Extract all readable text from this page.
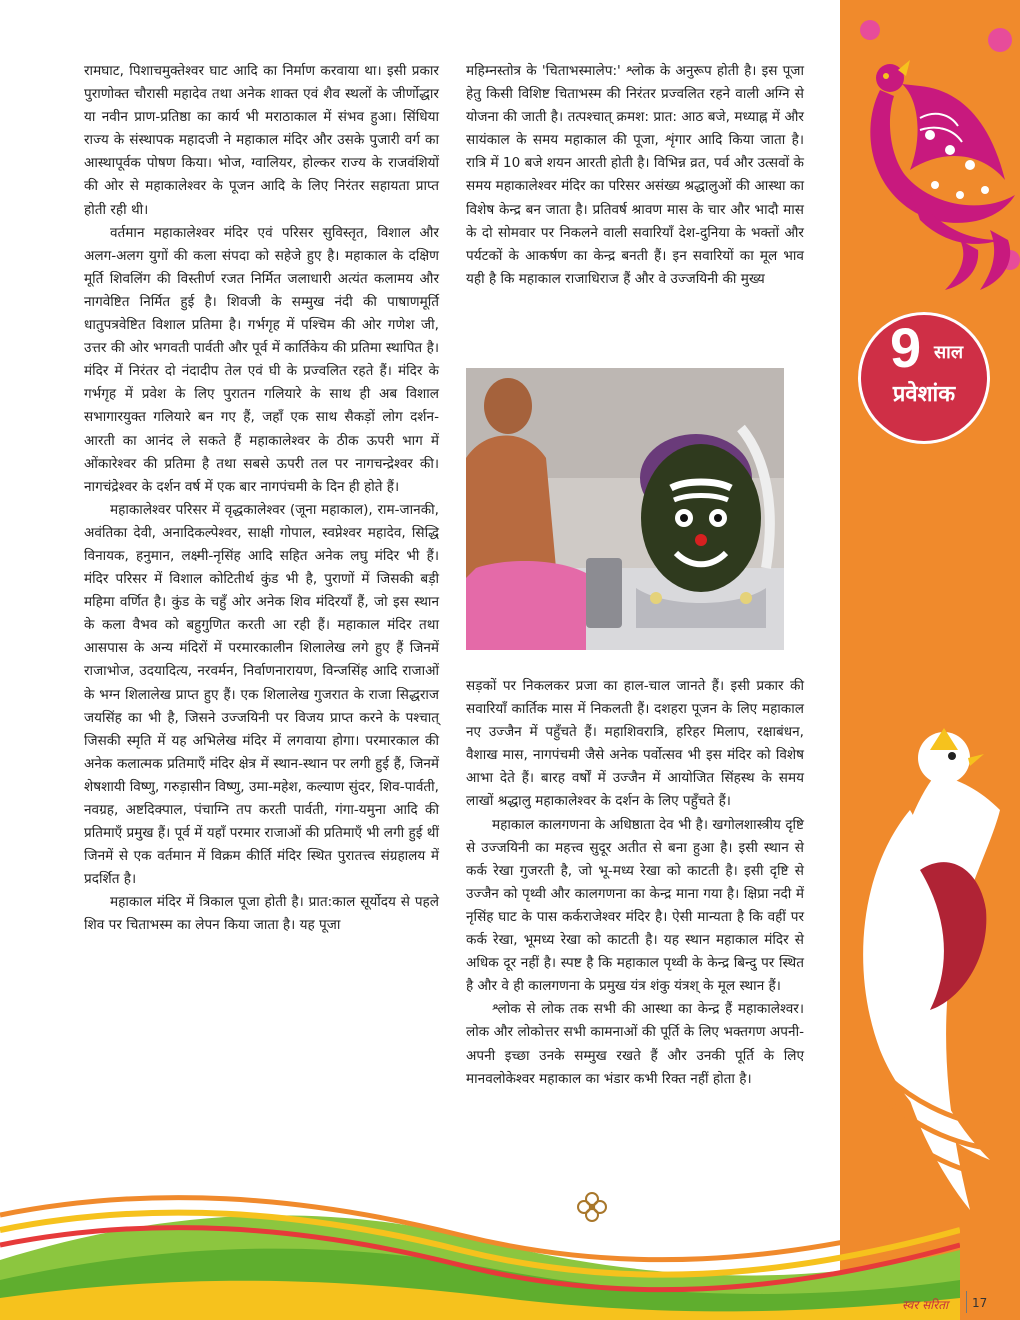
9 साल
प्रवेशांक

रामघाट, पिशाचमुक्तेश्वर घाट आदि का निर्माण करवाया था। इसी प्रकार पुराणोक्त चौरासी महादेव तथा अनेक शाक्त एवं शैव स्थलों के जीर्णोद्धार या नवीन प्राण-प्रतिष्ठा का कार्य भी मराठाकाल में संभव हुआ। सिंधिया राज्य के संस्थापक महादजी ने महाकाल मंदिर और उसके पुजारी वर्ग का आस्थापूर्वक पोषण किया। भोज, ग्वालियर, होल्कर राज्य के राजवंशियों की ओर से महाकालेश्वर के पूजन आदि के लिए निरंतर सहायता प्राप्त होती रही थी।

वर्तमान महाकालेश्वर मंदिर एवं परिसर सुविस्तृत, विशाल और अलग-अलग युगों की कला संपदा को सहेजे हुए है। महाकाल के दक्षिण मूर्ति शिवलिंग की विस्तीर्ण रजत निर्मित जलाधारी अत्यंत कलामय और नागवेष्टित निर्मित हुई है। शिवजी के सम्मुख नंदी की पाषाणमूर्ति धातुपत्रवेष्टित विशाल प्रतिमा है। गर्भगृह में पश्चिम की ओर गणेश जी, उत्तर की ओर भगवती पार्वती और पूर्व में कार्तिकेय की प्रतिमा स्थापित है। मंदिर में निरंतर दो नंदादीप तेल एवं घी के प्रज्वलित रहते हैं। मंदिर के गर्भगृह में प्रवेश के लिए पुरातन गलियारे के साथ ही अब विशाल सभागारयुक्त गलियारे बन गए हैं, जहाँ एक साथ सैकड़ों लोग दर्शन-आरती का आनंद ले सकते हैं महाकालेश्वर के ठीक ऊपरी भाग में ओंकारेश्वर की प्रतिमा है तथा सबसे ऊपरी तल पर नागचन्द्रेश्वर की। नागचंद्रेश्वर के दर्शन वर्ष में एक बार नागपंचमी के दिन ही होते हैं।

महाकालेश्वर परिसर में वृद्धकालेश्वर (जूना महाकाल), राम-जानकी, अवंतिका देवी, अनादिकल्पेश्वर, साक्षी गोपाल, स्वप्नेश्वर महादेव, सिद्धि विनायक, हनुमान, लक्ष्मी-नृसिंह आदि सहित अनेक लघु मंदिर भी हैं। मंदिर परिसर में विशाल कोटितीर्थ कुंड भी है, पुराणों में जिसकी बड़ी महिमा वर्णित है। कुंड के चहुँ ओर अनेक शिव मंदिरयाँ हैं, जो इस स्थान के कला वैभव को बहुगुणित करती आ रही हैं। महाकाल मंदिर तथा आसपास के अन्य मंदिरों में परमारकालीन शिलालेख लगे हुए हैं जिनमें राजाभोज, उदयादित्य, नरवर्मन, निर्वाणनारायण, विन्जसिंह आदि राजाओं के भग्न शिलालेख प्राप्त हुए हैं। एक शिलालेख गुजरात के राजा सिद्धराज जयसिंह का भी है, जिसने उज्जयिनी पर विजय प्राप्त करने के पश्चात् जिसकी स्मृति में यह अभिलेख मंदिर में लगवाया होगा। परमारकाल की अनेक कलात्मक प्रतिमाएँ मंदिर क्षेत्र में स्थान-स्थान पर लगी हुई हैं, जिनमें शेषशायी विष्णु, गरुड़ासीन विष्णु, उमा-महेश, कल्याण सुंदर, शिव-पार्वती, नवग्रह, अष्टदिक्पाल, पंचाग्नि तप करती पार्वती, गंगा-यमुना आदि की प्रतिमाएँ प्रमुख हैं। पूर्व में यहाँ परमार राजाओं की प्रतिमाएँ भी लगी हुई थीं जिनमें से एक वर्तमान में विक्रम कीर्ति मंदिर स्थित पुरातत्त्व संग्रहालय में प्रदर्शित है।

महाकाल मंदिर में त्रिकाल पूजा होती है। प्रात:काल सूर्योदय से पहले शिव पर चिताभस्म का लेपन किया जाता है। यह पूजा

महिम्नस्तोत्र के 'चिताभस्मालेप:' श्लोक के अनुरूप होती है। इस पूजा हेतु किसी विशिष्ट चिताभस्म की निरंतर प्रज्वलित रहने वाली अग्नि से योजना की जाती है। तत्पश्चात् क्रमश: प्रात: आठ बजे, मध्याह्न में और सायंकाल के समय महाकाल की पूजा, शृंगार आदि किया जाता है। रात्रि में 10 बजे शयन आरती होती है। विभिन्न व्रत, पर्व और उत्सवों के समय महाकालेश्वर मंदिर का परिसर असंख्य श्रद्धालुओं की आस्था का विशेष केन्द्र बन जाता है। प्रतिवर्ष श्रावण मास के चार और भादौ मास के दो सोमवार पर निकलने वाली सवारियाँ देश-दुनिया के भक्तों और पर्यटकों के आकर्षण का केन्द्र बनती हैं। इन सवारियों का मूल भाव यही है कि महाकाल राजाधिराज हैं और वे उज्जयिनी की मुख्य

सड़कों पर निकलकर प्रजा का हाल-चाल जानते हैं। इसी प्रकार की सवारियाँ कार्तिक मास में निकलती हैं। दशहरा पूजन के लिए महाकाल नए उज्जैन में पहुँचते हैं। महाशिवरात्रि, हरिहर मिलाप, रक्षाबंधन, वैशाख मास, नागपंचमी जैसे अनेक पर्वोत्सव भी इस मंदिर को विशेष आभा देते हैं। बारह वर्षों में उज्जैन में आयोजित सिंहस्थ के समय लाखों श्रद्धालु महाकालेश्वर के दर्शन के लिए पहुँचते हैं।

महाकाल कालगणना के अधिष्ठाता देव भी है। खगोलशास्त्रीय दृष्टि से उज्जयिनी का महत्त्व सुदूर अतीत से बना हुआ है। इसी स्थान से कर्क रेखा गुजरती है, जो भू-मध्य रेखा को काटती है। इसी दृष्टि से उज्जैन को पृथ्वी और कालगणना का केन्द्र माना गया है। क्षिप्रा नदी में नृसिंह घाट के पास कर्कराजेश्वर मंदिर है। ऐसी मान्यता है कि वहीं पर कर्क रेखा, भूमध्य रेखा को काटती है। यह स्थान महाकाल मंदिर से अधिक दूर नहीं है। स्पष्ट है कि महाकाल पृथ्वी के केन्द्र बिन्दु पर स्थित है और वे ही कालगणना के प्रमुख यंत्र शंकु यंत्रश् के मूल स्थान हैं।

श्लोक से लोक तक सभी की आस्था का केन्द्र हैं महाकालेश्वर। लोक और लोकोत्तर सभी कामनाओं की पूर्ति के लिए भक्तगण अपनी-अपनी इच्छा उनके सम्मुख रखते हैं और उनकी पूर्ति के लिए मानवलोकेश्वर महाकाल का भंडार कभी रिक्त नहीं होता है।

स्वर सरिता 17
